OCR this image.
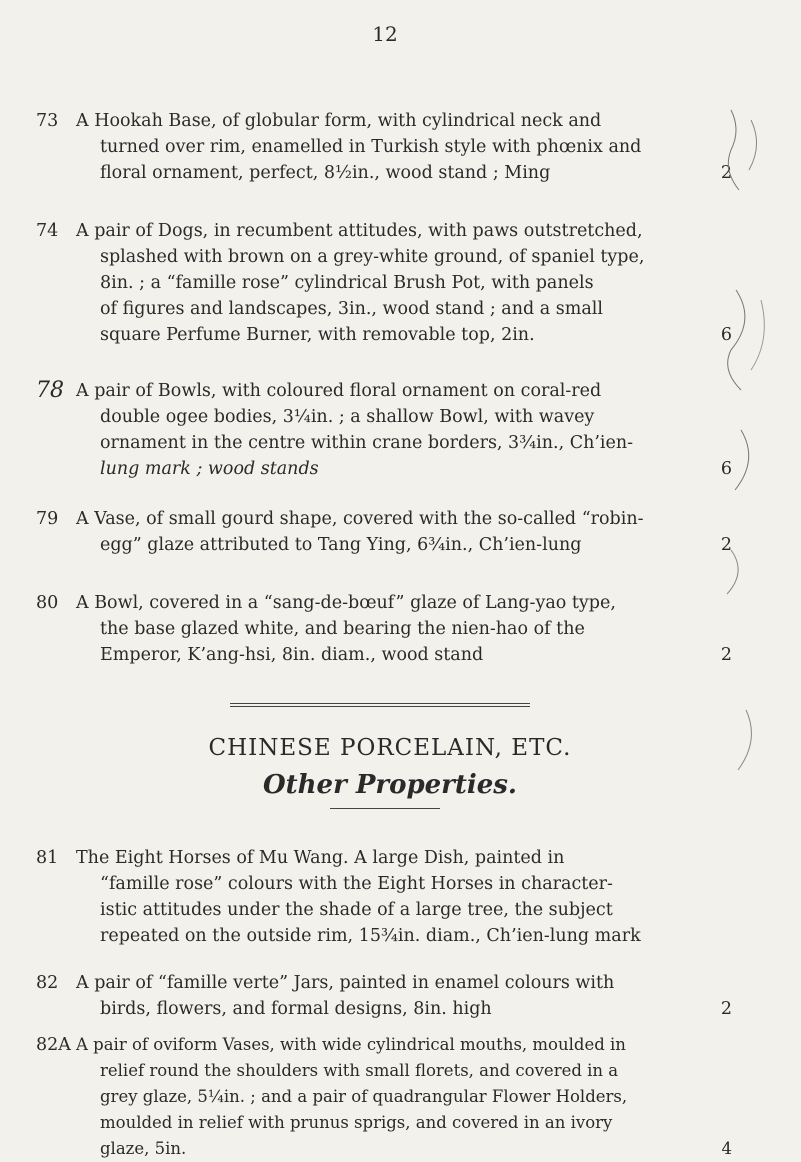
12
73	A Hookah Base, of globular form, with cylindrical neck and
turned over rim, enamelled in Turkish style with phœnix and
floral ornament, perfect, 8½in., wood stand ; Ming	2
74	A pair of Dogs, in recumbent attitudes, with paws outstretched,
splashed with brown on a grey-white ground, of spaniel type,
8in. ; a “famille rose” cylindrical Brush Pot, with panels
of figures and landscapes, 3in., wood stand ; and a small
square Perfume Burner, with removable top, 2in.	6
78 A pair of Bowls, with coloured floral ornament on coral-red
double ogee bodies, 3¼in. ; a shallow Bowl, with wavey
ornament in the centre within crane borders, 3¾in., Ch’ien-
lung mark ; wood stands	6
79	A Vase, of small gourd shape, covered with the so-called “robin-
egg” glaze attributed to Tang Ying, 6¾in., Ch’ien-lung	2
80	A Bowl, covered in a “sang-de-bœuf” glaze of Lang-yao type,
the base glazed white, and bearing the nien-hao of the
Emperor, K’ang-hsi, 8in. diam., wood stand	2
CHINESE PORCELAIN, ETC.
Other Properties.
81	The Eight Horses of Mu Wang. A large Dish, painted in
“famille rose” colours with the Eight Horses in character-
istic attitudes under the shade of a large tree, the subject
repeated on the outside rim, 15¾in. diam., Ch’ien-lung mark
82	A pair of “famille verte” Jars, painted in enamel colours with
birds, flowers, and formal designs, 8in. high	2
82A A pair of oviform Vases, with wide cylindrical mouths, moulded in
relief round the shoulders with small florets, and covered in a
grey glaze, 5¼in. ; and a pair of quadrangular Flower Holders,
moulded in relief with prunus sprigs, and covered in an ivory
glaze, 5in.	4
